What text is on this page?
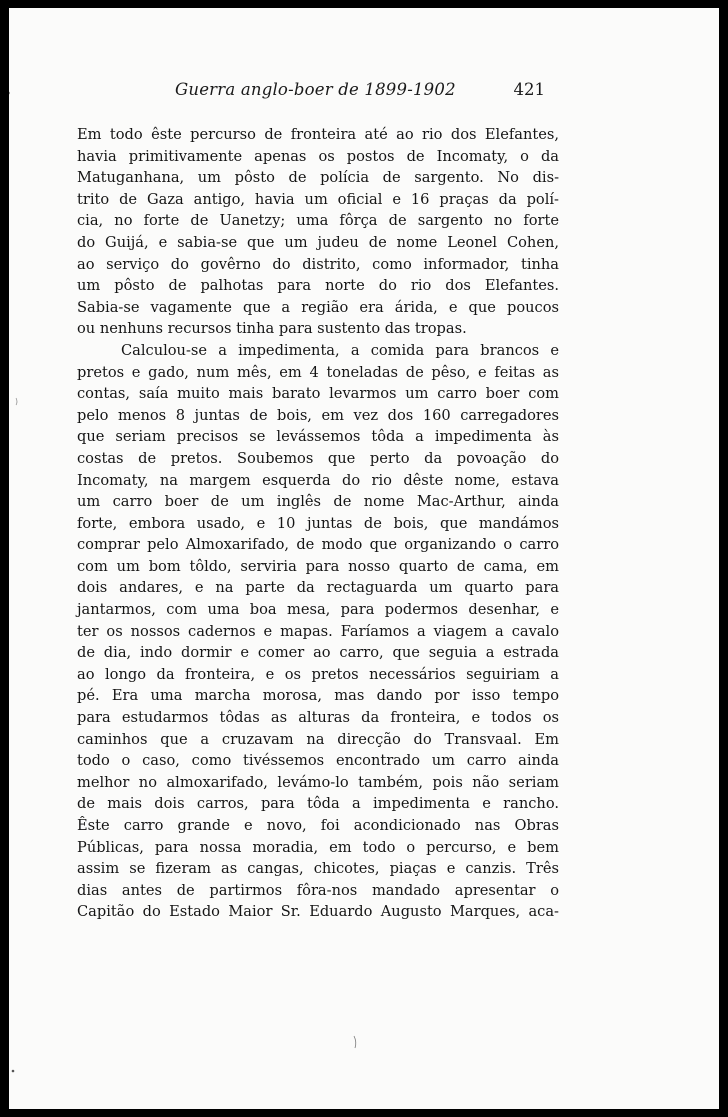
Guerra anglo-boer de 1899-1902	421

Em todo êste percurso de fronteira até ao rio dos Elefantes,
havia primitivamente apenas os postos de Incomaty, o da
Matuganhana, um pôsto de polícia de sargento. No dis-
trito de Gaza antigo, havia um oficial e 16 praças da polí-
cia, no forte de Uanetzy; uma fôrça de sargento no forte
do Guijá, e sabia-se que um judeu de nome Leonel Cohen,
ao serviço do govêrno do distrito, como informador, tinha
um pôsto de palhotas para norte do rio dos Elefantes.
Sabia-se vagamente que a região era árida, e que poucos
ou nenhuns recursos tinha para sustento das tropas.

Calculou-se a impedimenta, a comida para brancos e
pretos e gado, num mês, em 4 toneladas de pêso, e feitas as
contas, saía muito mais barato levarmos um carro boer com
pelo menos 8 juntas de bois, em vez dos 160 carregadores
que seriam precisos se levássemos tôda a impedimenta às
costas de pretos. Soubemos que perto da povoação do
Incomaty, na margem esquerda do rio dêste nome, estava
um carro boer de um inglês de nome Mac-Arthur, ainda
forte, embora usado, e 10 juntas de bois, que mandámos
comprar pelo Almoxarifado, de modo que organizando o carro
com um bom tôldo, serviria para nosso quarto de cama, em
dois andares, e na parte da rectaguarda um quarto para
jantarmos, com uma boa mesa, para podermos desenhar, e
ter os nossos cadernos e mapas. Faríamos a viagem a cavalo
de dia, indo dormir e comer ao carro, que seguia a estrada
ao longo da fronteira, e os pretos necessários seguiriam a
pé. Era uma marcha morosa, mas dando por isso tempo
para estudarmos tôdas as alturas da fronteira, e todos os
caminhos que a cruzavam na direcção do Transvaal. Em
todo o caso, como tivéssemos encontrado um carro ainda
melhor no almoxarifado, levámo-lo também, pois não seriam
de mais dois carros, para tôda a impedimenta e rancho.
Êste carro grande e novo, foi acondicionado nas Obras
Públicas, para nossa moradia, em todo o percurso, e bem
assim se fizeram as cangas, chicotes, piaças e canzis. Três
dias antes de partirmos fôra-nos mandado apresentar o
Capitão do Estado Maior Sr. Eduardo Augusto Marques, aca-
